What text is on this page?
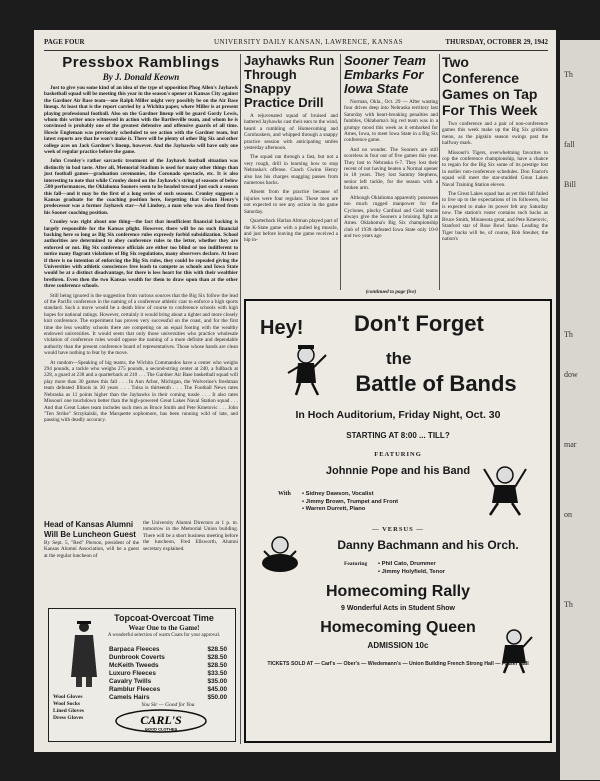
PAGE FOUR	UNIVERSITY DAILY KANSAN, LAWRENCE, KANSAS	THURSDAY, OCTOBER 29, 1942
Pressbox Ramblings
By J. Donald Keown

Just to give you some kind of an idea of the type of opposition Phog Allen's Jayhawk basketball squad will be meeting this year in the season's opener at Kansas City against the Gardner Air Base team—one Ralph Miller might very possibly be on the Air Base lineup. At least that is the report carried by a Wichita paper, where Miller is at present playing professional football. Also on the Gardner lineup will be guard Gordy Lewis, whom this writer once witnessed in action with the Bartlesville team, and whom he is convinced is probably one of the greatest defensive and offensive guards of all time. Howie Engleman was previously scheduled to see action with the Gardner team, but latest reports are that he won't make it. There will be plenty of other Big Six and other college aces on Jack Gardner's lineup, however. And the Jayhawks will have only one week of regular practice before the game.

John Cronley's rather sarcastic treatment of the Jayhawk football situation was distinctly in bad taste. After all, Memorial Stadium is used for many other things than just football games—graduation ceremonies, the Coronado spectacle, etc. It is also interesting to note that while Cronley doted on the Jayhawk's string of seasons of below .500 performances, the Oklahoma Sooners seem to be headed toward just such a season this fall—and it may be the first of a long series of such seasons. Cronley suggests a Kansas graduate for the coaching position here, forgetting that Gwinn Henry's predecessor was a former Jayhawk star—Ad Lindsey, a man who was also fired from his Sooner coaching position.

Cronley was right about one thing—the fact that insufficient financial backing is largely responsible for the Kansas plight. However, there will be no such financial backing here so long as Big Six conference rules expressly forbid subsidization. School authorities are determined to obey conference rules to the letter, whether they are enforced or not. Big Six conference officials are either too blind or too indifferent to notice many flagrant violations of Big Six regulations, many observers declare. At least if there is no intention of enforcing the Big Six rules, they could be repealed giving the Universities with athletic consciences free leash to compete as schools and Iowa State would be at a distinct disadvantage, for there is less heart for this with their wealthier brethren. Even then the two Kansas wealth for them to draw upon than at the other three conference schools.

Still being ignored is the suggestion from various sources that the Big Six follow the lead of the Pacific conference in the naming of a conference athletic czar to enforce a high sports standard. Such a move would be a death blow of course to conference schools with high hopes for national ratings. However, certainly it would bring about a tighter and more closely knit conference. The experiment has proven very successful on the coast, and for the first time the less wealthy schools there are competing on an equal footing with the wealthy endowed universities. It would seem that only those universities who practice wholesale violation of conference rules would oppose the naming of a more definite and dependable authority than the present conference board of representatives. Those whose hands are clean would have nothing to fear by the move.

At random—Speaking of big teams, the Wichita Commandos have a center who weighs 294 pounds, a tackle who weighs 275 pounds, a second-string center at 240, a fullback at 228, a guard at 238 and a quarterback at 210 . . . The Gardner Air Base basketball squad will play more than 30 games this fall . . . In Ann Arbor, Michigan, the Wolverine's freshman team defeated Illinois in 30 years . . . Tulsa is thirteenth . . . The Football News rates Nebraska as 11 points higher than the Jayhawks in their coming tussle . . . It also rates Missouri one touchdown better than the high-powered Great Lakes Naval Station squad . . . And that Great Lakes team includes such men as Bruce Smith and Pete Kmetovic . . . John "Ten Strike" Strzykalski, the Marquette sophomore, has been running wild of late, and passing with deadly accuracy.

Head of Kansas Alumni Will Be Luncheon Guest
By Sept. 5, "Red" Pierson, president of the Kansas Alumni Association, will be a guest at the regular luncheon of
the University Alumni Directors at 1 p. m. tomorrow in the Memorial Union building. There will be a short business meeting before the luncheon, Fred Ellsworth, Alumni secretary explained.
Topcoat-Overcoat Time
Wear One to the Game!
A wonderful selection of warm Coats for your approval.
Barpaca Fleeces	$28.50
Dunbrook Coverts	$28.50
McKeith Tweeds	$28.50
Luxuro Fleeces	$33.50
Cavalry Twills	$35.00
Ramblur Fleeces	$45.00
Camels Hairs	$50.00
You Sir — Good for You
Wool Gloves
Wool Socks
Lined Gloves
Dress Gloves	CARL'S
GOOD CLOTHES
Jayhawks Run Through Snappy Practice Drill

A rejuvenated squad of bruised and battered Jayhawks cast their ears to the wind, heard a rumbling of Homecoming and Cornhuskers, and whipped through a snappy practice session with anticipating smiles yesterday afternoon.

The squad ran through a fast, but not a very rough, drill in learning how to stop Nebraska's offense. Coach Gwinn Henry also has his charges snagging passes from numerous backs.

Absent from the practice because of injuries were four regulars. These men are not expected to see any action in the game Saturday.

Quarterback Harlan Altman played part of the K-State game with a pulled leg muscle, and just before leaving the game received a hip in-

Sooner Team Embarks For Iowa State

Norman, Okla., Oct. 29 — After wasting four drives deep into Nebraska territory last Saturday with heart-breaking penalties and fumbles, Oklahoma's big red team was in a grumpy mood this week as it embarked for Ames, Iowa, to meet Iowa State in a Big Six conference game.

And no wonder. The Sooners are still scoreless in four out of five games this year. They lost to Nebraska 6-7. They lost their recent of not having beaten a Normal opener in 18 years. They lost Sammy Stephens, senior left tackle, for the season with a broken arm.

Although Oklahoma apparently possesses too much rugged manpower for the Cyclones, plucky Cardinal and Gold teams always give the Sooners a bruising fight at Ames. Oklahoma's Big Six championship club of 1938 defeated Iowa State only 10-0 and two years ago

(continued to page five)
Two Conference Games on Tap For This Week

Two conference and a pair of non-conference games this week make up the Big Six gridiron menu, as the pigskin season swings past the halfway mark.

Missouri's Tigers, overwhelming favorites to cop the conference championship, have a chance to regain for the Big Six some of its prestige lost in earlier non-conference schedules. Don Faurot's squad will meet the star-studded Great Lakes Naval Training Station eleven.

The Great Lakes squad has as yet this fall failed to live up to the expectations of its followers, but is expected to make its power felt any Saturday now. The station's roster contains such backs as Bruce Smith, Minnesota great, and Pete Kmetovic, Stanford star of Rose Bowl fame. Leading the Tiger backs will be, of course, Bob Steuber, the nation's

Hey! Don't Forget
the
Battle of Bands
In Hoch Auditorium, Friday Night, Oct. 30
STARTING AT 8:00 ... TILL?
FEATURING
Johnnie Pope and his Band
With • Sidney Dawson, Vocalist
• Jimmy Brown, Trumpet and Front
• Warren Durrett, Piano
— VERSUS —
Danny Bachmann and his Orch.
Featuring • Phil Cato, Drummer
• Jimmy Holyfield, Tenor
Homecoming Rally
9 Wonderful Acts in Student Show
Homecoming Queen
ADMISSION 10c
TICKETS SOLD AT — Carl's — Ober's — Wiedemann's — Union Building French Strong Hall — Fraser Hall
Th
fall
Bill
Th
dow
mar
on
Th
